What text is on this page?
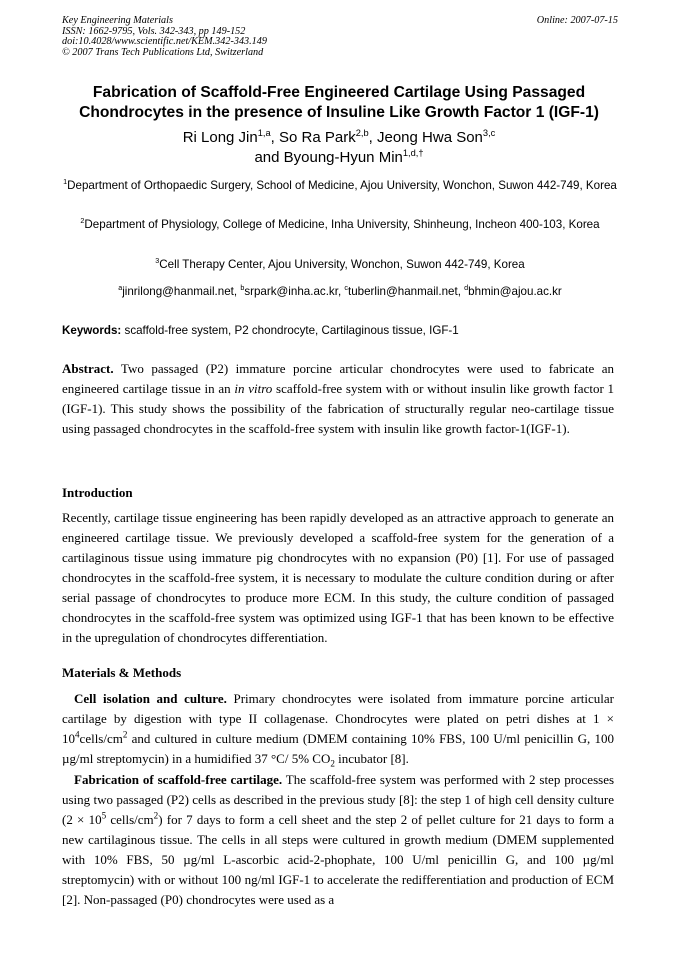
Key Engineering Materials
ISSN: 1662-9795, Vols. 342-343, pp 149-152
doi:10.4028/www.scientific.net/KEM.342-343.149
© 2007 Trans Tech Publications Ltd, Switzerland
Online: 2007-07-15
Fabrication of Scaffold-Free Engineered Cartilage Using Passaged
Chondrocytes in the presence of Insuline Like Growth Factor 1 (IGF-1)
Ri Long Jin$^{1,a}$, So Ra Park$^{2,b}$, Jeong Hwa Son$^{3,c}$
and Byoung-Hyun Min$^{1,d,\dagger}$
$^1$Department of Orthopaedic Surgery, School of Medicine, Ajou University, Wonchon, Suwon 442-749, Korea
$^2$Department of Physiology, College of Medicine, Inha University, Shinheung, Incheon 400-103, Korea
$^3$Cell Therapy Center, Ajou University, Wonchon, Suwon 442-749, Korea
$^a$jinrilong@hanmail.net, $^b$srpark@inha.ac.kr, $^c$tuberlin@hanmail.net, $^d$bhmin@ajou.ac.kr
Keywords: scaffold-free system, P2 chondrocyte, Cartilaginous tissue, IGF-1
Abstract. Two passaged (P2) immature porcine articular chondrocytes were used to fabricate an engineered cartilage tissue in an in vitro scaffold-free system with or without insulin like growth factor 1 (IGF-1). This study shows the possibility of the fabrication of structurally regular neo-cartilage tissue using passaged chondrocytes in the scaffold-free system with insulin like growth factor-1(IGF-1).
Introduction
Recently, cartilage tissue engineering has been rapidly developed as an attractive approach to generate an engineered cartilage tissue. We previously developed a scaffold-free system for the generation of a cartilaginous tissue using immature pig chondrocytes with no expansion (P0) [1]. For use of passaged chondrocytes in the scaffold-free system, it is necessary to modulate the culture condition during or after serial passage of chondrocytes to produce more ECM. In this study, the culture condition of passaged chondrocytes in the scaffold-free system was optimized using IGF-1 that has been known to be effective in the upregulation of chondrocytes differentiation.
Materials & Methods
Cell isolation and culture. Primary chondrocytes were isolated from immature porcine articular cartilage by digestion with type II collagenase. Chondrocytes were plated on petri dishes at $1 \times 10^4cells/cm^2$ and cultured in culture medium (DMEM containing 10% FBS, 100 U/ml penicillin G, 100 µg/ml streptomycin) in a humidified 37 °C/ 5% $CO_2$ incubator [8].
Fabrication of scaffold-free cartilage. The scaffold-free system was performed with 2 step processes using two passaged (P2) cells as described in the previous study [8]: the step 1 of high cell density culture ($2 \times 10^5$ cells/$cm^2$) for 7 days to form a cell sheet and the step 2 of pellet culture for 21 days to form a new cartilaginous tissue. The cells in all steps were cultured in growth medium (DMEM supplemented with 10% FBS, 50 µg/ml L-ascorbic acid-2-phophate, 100 U/ml penicillin G, and 100 µg/ml streptomycin) with or without 100 ng/ml IGF-1 to accelerate the redifferentiation and production of ECM [2]. Non-passaged (P0) chondrocytes were used as a
